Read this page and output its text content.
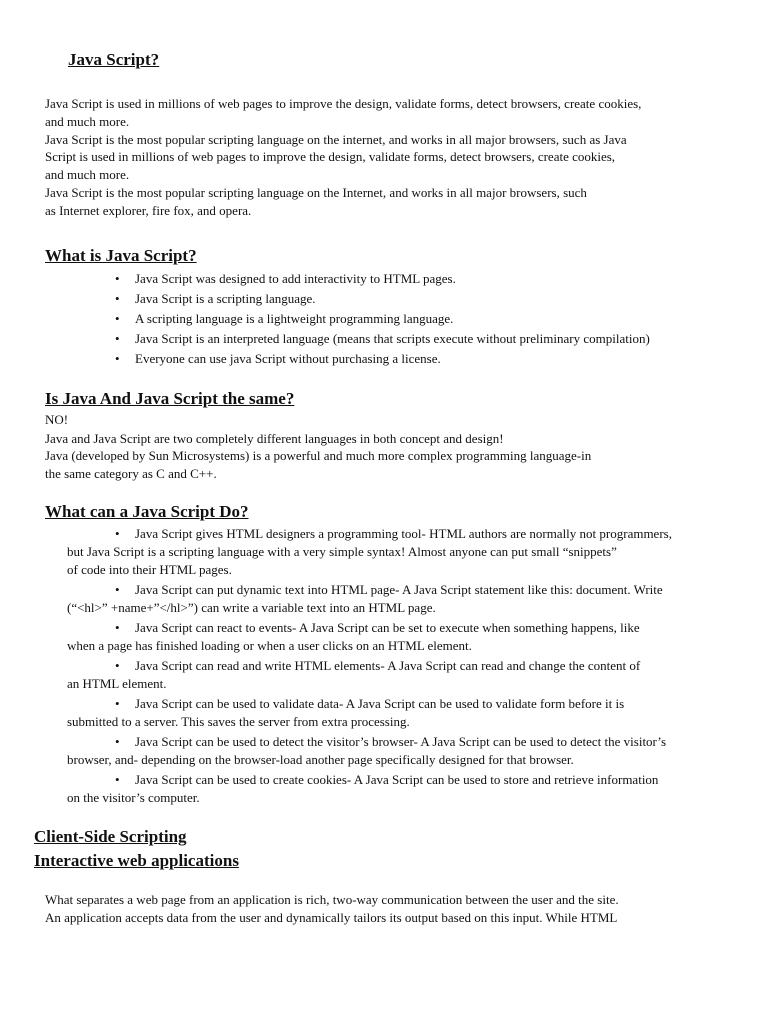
Java Script?
Java Script is used in millions of web pages to improve the design, validate forms, detect browsers, create cookies,
and much more.
Java Script is the most popular scripting language on the internet, and works in all major browsers, such as Java
Script is used in millions of web pages to improve the design, validate forms, detect browsers, create cookies,
and much more.
Java Script is the most popular scripting language on the Internet, and works in all major browsers, such
as Internet explorer, fire fox, and opera.
What is Java Script?
• Java Script was designed to add interactivity to HTML pages.
• Java Script is a scripting language.
• A scripting language is a lightweight programming language.
• Java Script is an interpreted language (means that scripts execute without preliminary compilation)
• Everyone can use java Script without purchasing a license.
Is Java And Java Script the same?
NO!
Java and Java Script are two completely different languages in both concept and design!
Java (developed by Sun Microsystems) is a powerful and much more complex programming language-in
the same category as C and C++.
What can a Java Script Do?
• Java Script gives HTML designers a programming tool- HTML authors are normally not programmers,
but Java Script is a scripting language with a very simple syntax! Almost anyone can put small “snippets”
of code into their HTML pages.
• Java Script can put dynamic text into HTML page- A Java Script statement like this: document. Write
(“<hl>” +name+”</hl>”) can write a variable text into an HTML page.
• Java Script can react to events- A Java Script can be set to execute when something happens, like
when a page has finished loading or when a user clicks on an HTML element.
• Java Script can read and write HTML elements- A Java Script can read and change the content of
an HTML element.
• Java Script can be used to validate data- A Java Script can be used to validate form before it is
submitted to a server. This saves the server from extra processing.
• Java Script can be used to detect the visitor’s browser- A Java Script can be used to detect the visitor’s
browser, and- depending on the browser-load another page specifically designed for that browser.
• Java Script can be used to create cookies- A Java Script can be used to store and retrieve information
on the visitor’s computer.
Client-Side Scripting
Interactive web applications
What separates a web page from an application is rich, two-way communication between the user and the site.
An application accepts data from the user and dynamically tailors its output based on this input. While HTML
